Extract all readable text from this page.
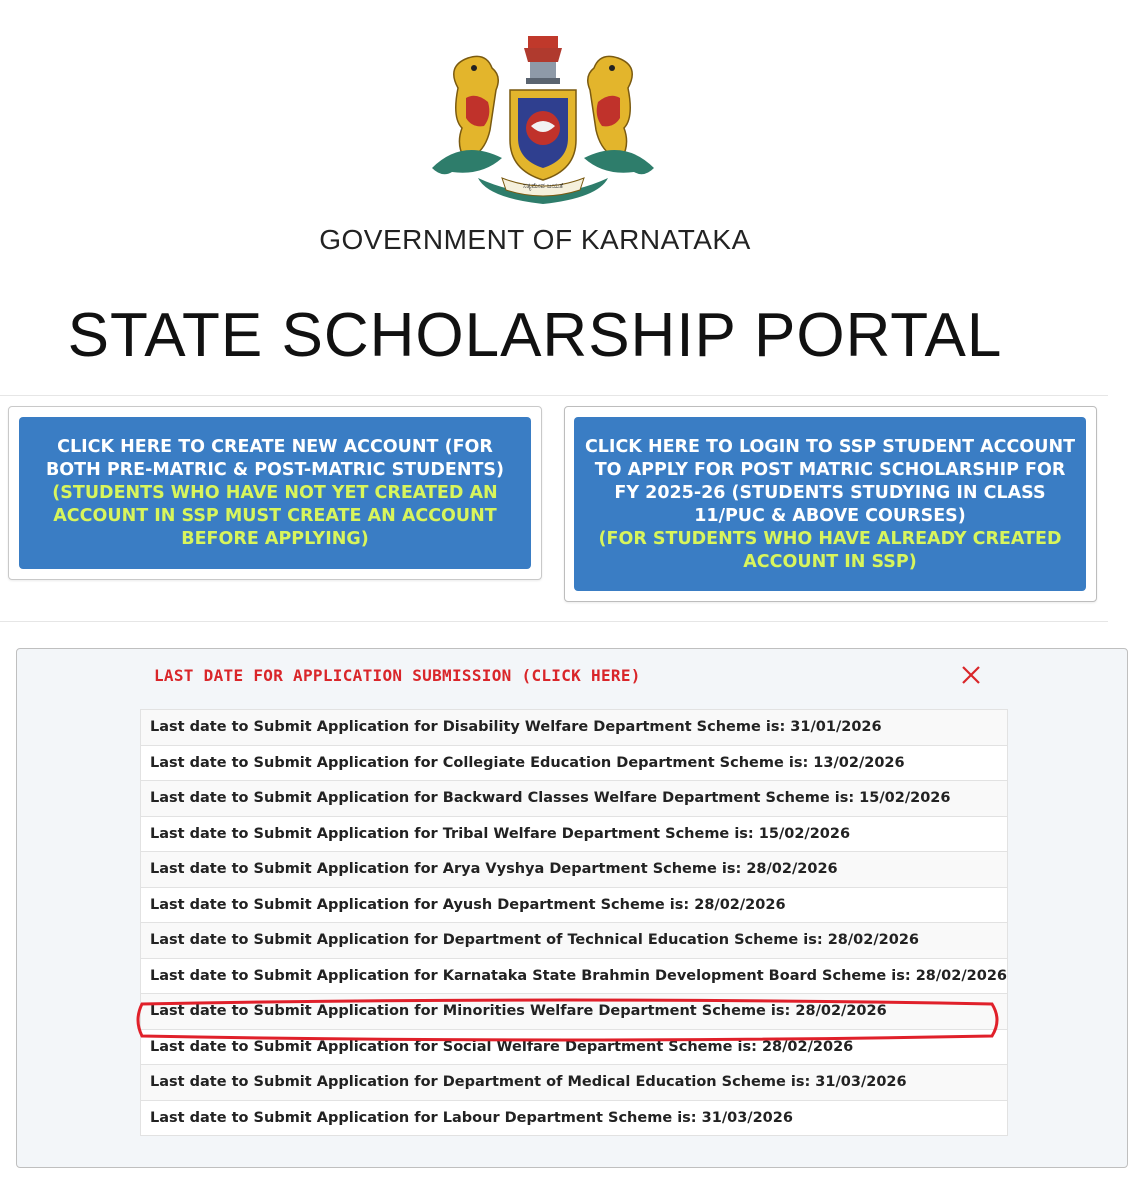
ಸತ್ಯಮೇವ ಜಯತೆ
GOVERNMENT OF KARNATAKA
STATE SCHOLARSHIP PORTAL
CLICK HERE TO CREATE NEW ACCOUNT (FOR BOTH PRE-MATRIC & POST-MATRIC STUDENTS)
(STUDENTS WHO HAVE NOT YET CREATED AN ACCOUNT IN SSP MUST CREATE AN ACCOUNT BEFORE APPLYING)
CLICK HERE TO LOGIN TO SSP STUDENT ACCOUNT TO APPLY FOR POST MATRIC SCHOLARSHIP FOR FY 2025-26 (STUDENTS STUDYING IN CLASS 11/PUC & ABOVE COURSES)
(FOR STUDENTS WHO HAVE ALREADY CREATED ACCOUNT IN SSP)
LAST DATE FOR APPLICATION SUBMISSION (CLICK HERE)
Last date to Submit Application for Disability Welfare Department Scheme is: 31/01/2026
Last date to Submit Application for Collegiate Education Department Scheme is: 13/02/2026
Last date to Submit Application for Backward Classes Welfare Department Scheme is: 15/02/2026
Last date to Submit Application for Tribal Welfare Department Scheme is: 15/02/2026
Last date to Submit Application for Arya Vyshya Department Scheme is: 28/02/2026
Last date to Submit Application for Ayush Department Scheme is: 28/02/2026
Last date to Submit Application for Department of Technical Education Scheme is: 28/02/2026
Last date to Submit Application for Karnataka State Brahmin Development Board Scheme is: 28/02/2026
Last date to Submit Application for Minorities Welfare Department Scheme is: 28/02/2026
Last date to Submit Application for Social Welfare Department Scheme is: 28/02/2026
Last date to Submit Application for Department of Medical Education Scheme is: 31/03/2026
Last date to Submit Application for Labour Department Scheme is: 31/03/2026
